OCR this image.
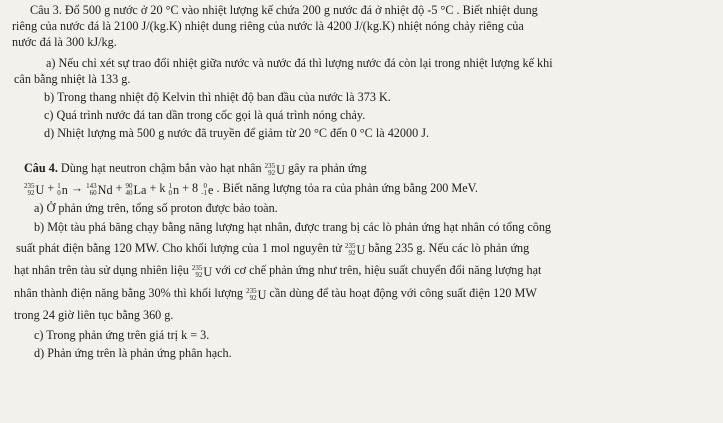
Câu 3. Đổ 500 g nước ở 20 °C vào nhiệt lượng kế chứa 200 g nước đá ở nhiệt độ -5 °C . Biết nhiệt dung
riêng của nước đá là 2100 J/(kg.K) nhiệt dung riêng của nước là 4200 J/(kg.K) nhiệt nóng chảy riêng của
nước đá là 300 kJ/kg.
a) Nếu chỉ xét sự trao đổi nhiệt giữa nước và nước đá thì lượng nước đá còn lại trong nhiệt lượng kế khi
cân bằng nhiệt là 133 g.
b) Trong thang nhiệt độ Kelvin thì nhiệt độ ban đầu của nước là 373 K.
c) Quá trình nước đá tan dần trong cốc gọi là quá trình nóng chảy.
d) Nhiệt lượng mà 500 g nước đã truyền để giảm từ 20 °C đến 0 °C là 42000 J.
Câu 4. Dùng hạt neutron chậm bắn vào hạt nhân 235
92 U gây ra phản ứng
235
92 U + 1
0 n → 143
60 Nd + 90
40 La + k 1
0 n + 8 0
-1 e . Biết năng lượng tỏa ra của phản ứng bằng 200 MeV.
a) Ở phản ứng trên, tổng số proton được bảo toàn.
b) Một tàu phá băng chạy bằng năng lượng hạt nhân, được trang bị các lò phản ứng hạt nhân có tổng công
suất phát điện bằng 120 MW. Cho khối lượng của 1 mol nguyên tử 235
92 U bằng 235 g. Nếu các lò phản ứng
hạt nhân trên tàu sử dụng nhiên liệu 235
92 U với cơ chế phản ứng như trên, hiệu suất chuyển đổi năng lượng hạt
nhân thành điện năng bằng 30% thì khối lượng 235
92 U cần dùng để tàu hoạt động với công suất điện 120 MW
trong 24 giờ liên tục bằng 360 g.
c) Trong phản ứng trên giá trị k = 3.
d) Phản ứng trên là phản ứng phân hạch.
